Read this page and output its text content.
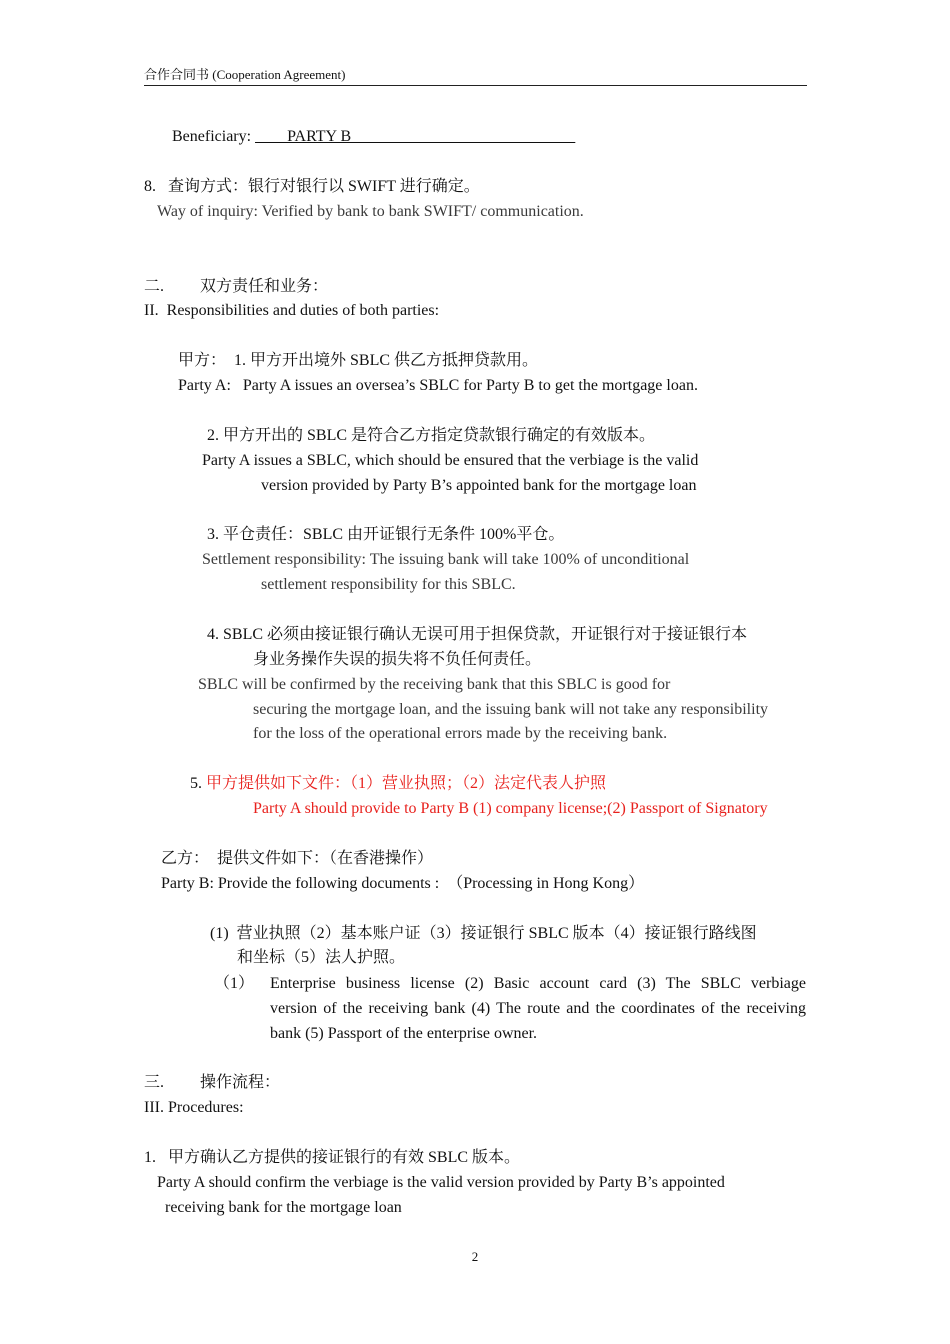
合作合同书 (Cooperation Agreement)
Beneficiary: ____PARTY B____________________________
8.   查询方式：银行对银行以 SWIFT 进行确定。
Way of inquiry: Verified by bank to bank SWIFT/ communication.
二.         双方责任和业务：
II.  Responsibilities and duties of both parties:
甲方：  1. 甲方开出境外 SBLC 供乙方抵押贷款用。
Party A:   Party A issues an oversea’s SBLC for Party B to get the mortgage loan.
2. 甲方开出的 SBLC 是符合乙方指定贷款银行确定的有效版本。
Party A issues a SBLC, which should be ensured that the verbiage is the valid
version provided by Party B’s appointed bank for the mortgage loan
3. 平仓责任：SBLC 由开证银行无条件 100%平仓。
Settlement responsibility: The issuing bank will take 100% of unconditional
settlement responsibility for this SBLC.
4. SBLC 必须由接证银行确认无误可用于担保贷款，开证银行对于接证银行本
身业务操作失误的损失将不负任何责任。
SBLC will be confirmed by the receiving bank that this SBLC is good for
securing the mortgage loan, and the issuing bank will not take any responsibility
for the loss of the operational errors made by the receiving bank.
5. 甲方提供如下文件：（1）营业执照；（2）法定代表人护照
Party A should provide to Party B (1) company license;(2) Passport of Signatory
乙方：  提供文件如下：（在香港操作）
Party B: Provide the following documents :  （Processing in Hong Kong）
(1)  营业执照（2）基本账户证（3）接证银行 SBLC 版本（4）接证银行路线图
和坐标（5）法人护照。
（1） Enterprise business license (2) Basic account card (3) The SBLC verbiage
version of the receiving bank (4) The route and the coordinates of the receiving
bank (5) Passport of the enterprise owner.
三.         操作流程：
III. Procedures:
1.   甲方确认乙方提供的接证银行的有效 SBLC 版本。
Party A should confirm the verbiage is the valid version provided by Party B’s appointed
receiving bank for the mortgage loan
2
